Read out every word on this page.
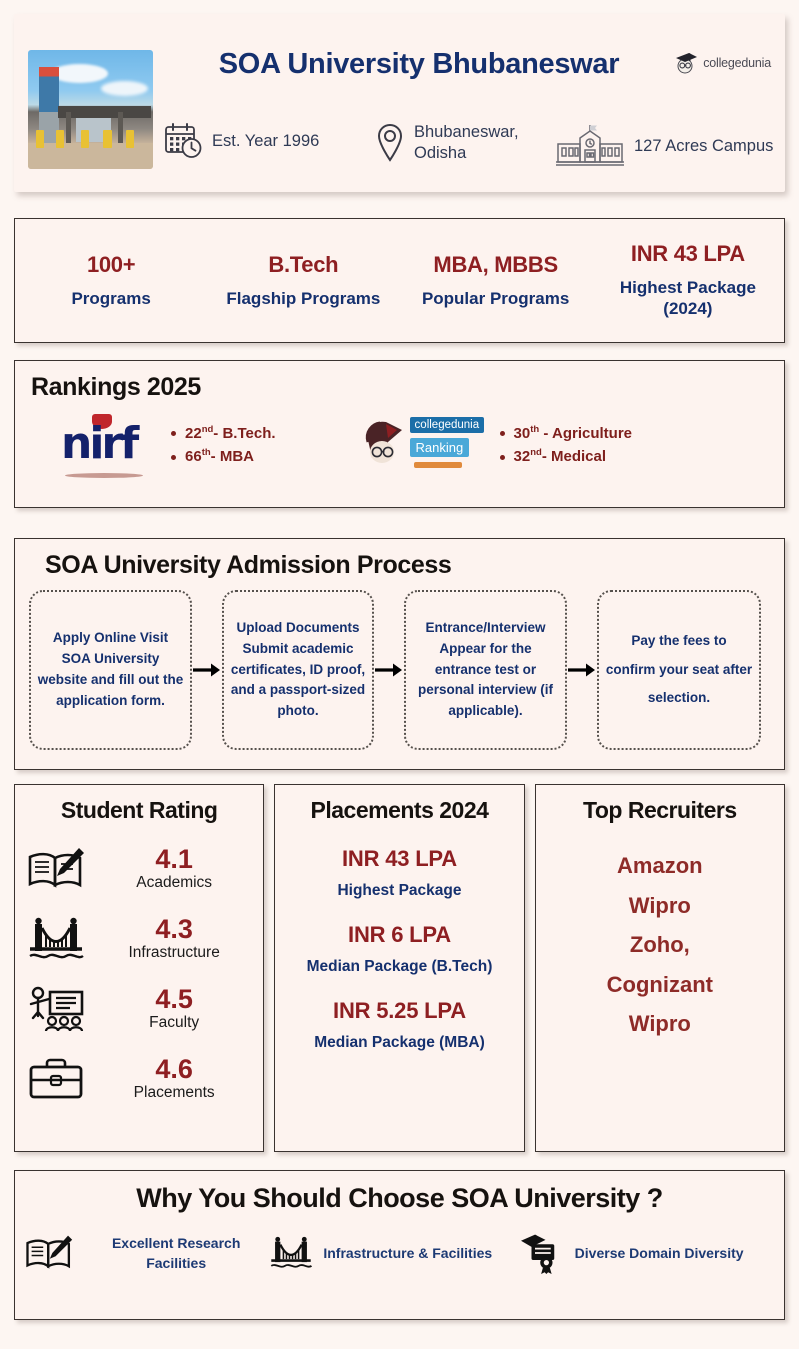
SOA University Bhubaneswar	collegedunia
Est. Year 1996	Bhubaneswar, Odisha	127 Acres Campus
100+
Programs
B.Tech
Flagship Programs
MBA, MBBS
Popular Programs
INR 43 LPA
Highest Package (2024)
Rankings 2025
nirf	22nd- B.Tech.
66th- MBA
collegedunia
Ranking
30th - Agriculture
32nd- Medical
SOA University Admission Process
Apply Online Visit SOA University website and fill out the application form.
Upload Documents Submit academic certificates, ID proof, and a passport-sized photo.
Entrance/Interview Appear for the entrance test or personal interview (if applicable).
Pay the fees to confirm your seat after selection.
Student Rating
4.1
Academics
4.3
Infrastructure
4.5
Faculty
4.6
Placements
Placements 2024
INR 43 LPA
Highest Package
INR 6 LPA
Median Package (B.Tech)
INR 5.25 LPA
Median Package (MBA)
Top Recruiters
Amazon
Wipro
Zoho,
Cognizant
Wipro
Why You Should Choose SOA University ?
Excellent Research Facilities
Infrastructure & Facilities	Diverse Domain Diversity
